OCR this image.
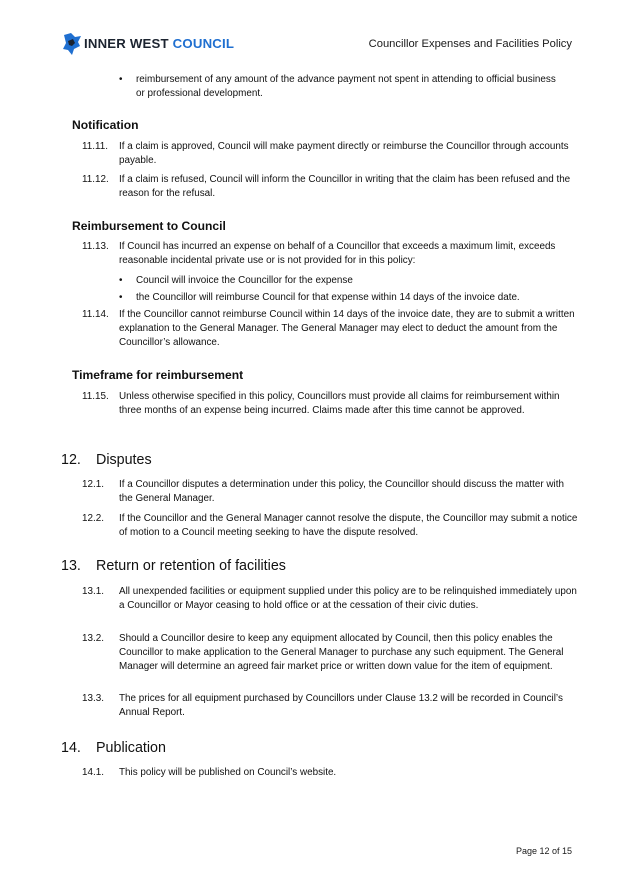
INNER WEST COUNCIL	Councillor Expenses and Facilities Policy
• reimbursement of any amount of the advance payment not spent in attending to official business or professional development.
Notification
11.11. If a claim is approved, Council will make payment directly or reimburse the Councillor through accounts payable.
11.12. If a claim is refused, Council will inform the Councillor in writing that the claim has been refused and the reason for the refusal.
Reimbursement to Council
11.13. If Council has incurred an expense on behalf of a Councillor that exceeds a maximum limit, exceeds reasonable incidental private use or is not provided for in this policy:
• Council will invoice the Councillor for the expense
• the Councillor will reimburse Council for that expense within 14 days of the invoice date.
11.14. If the Councillor cannot reimburse Council within 14 days of the invoice date, they are to submit a written explanation to the General Manager. The General Manager may elect to deduct the amount from the Councillor’s allowance.
Timeframe for reimbursement
11.15. Unless otherwise specified in this policy, Councillors must provide all claims for reimbursement within three months of an expense being incurred. Claims made after this time cannot be approved.
12. Disputes
12.1. If a Councillor disputes a determination under this policy, the Councillor should discuss the matter with the General Manager.
12.2. If the Councillor and the General Manager cannot resolve the dispute, the Councillor may submit a notice of motion to a Council meeting seeking to have the dispute resolved.
13. Return or retention of facilities
13.1. All unexpended facilities or equipment supplied under this policy are to be relinquished immediately upon a Councillor or Mayor ceasing to hold office or at the cessation of their civic duties.
13.2. Should a Councillor desire to keep any equipment allocated by Council, then this policy enables the Councillor to make application to the General Manager to purchase any such equipment. The General Manager will determine an agreed fair market price or written down value for the item of equipment.
13.3. The prices for all equipment purchased by Councillors under Clause 13.2 will be recorded in Council’s Annual Report.
14. Publication
14.1. This policy will be published on Council’s website.
Page 12 of 15
